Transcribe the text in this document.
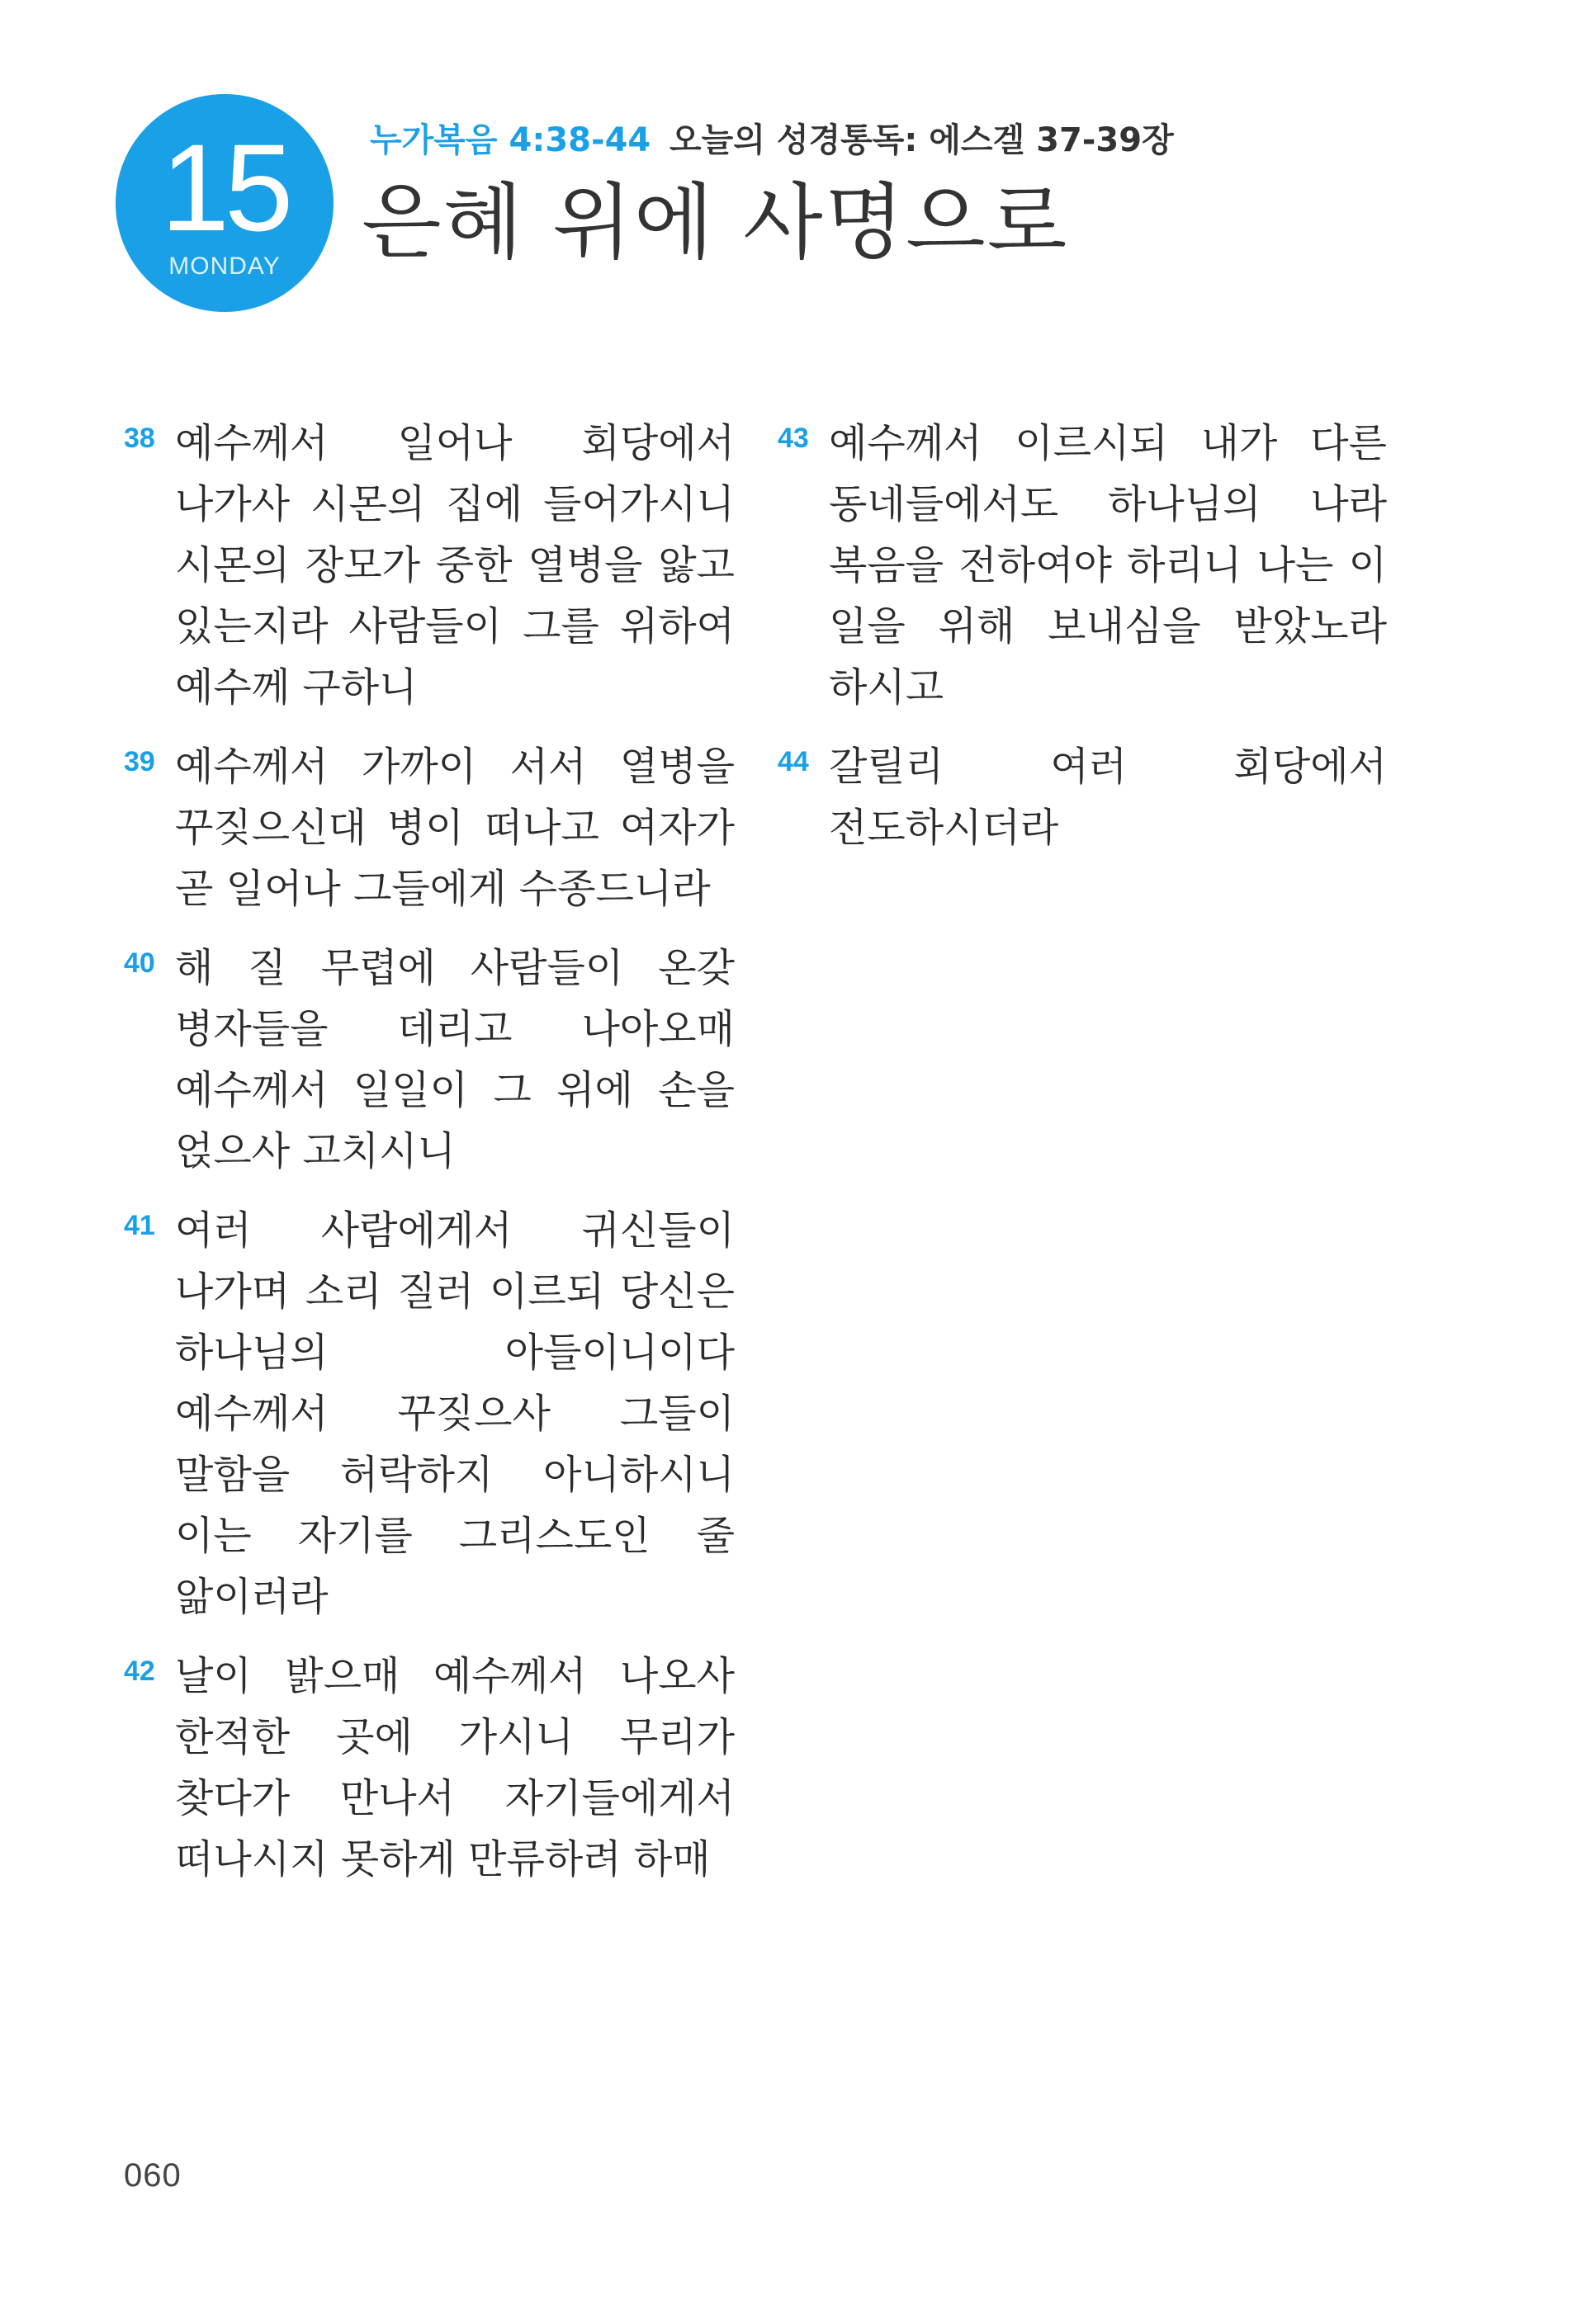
15
MONDAY
누가복음 4:38-44 오늘의 성경통독: 에스겔 37-39장
은혜 위에 사명으로
38 예수께서 일어나 회당에서 나가사 시몬의 집에 들어가시니 시몬의 장모가 중한 열병을 앓고 있는지라 사람들이 그를 위하여 예수께 구하니
39 예수께서 가까이 서서 열병을 꾸짖으신대 병이 떠나고 여자가 곧 일어나 그들에게 수종드니라
40 해 질 무렵에 사람들이 온갖 병자들을 데리고 나아오매 예수께서 일일이 그 위에 손을 얹으사 고치시니
41 여러 사람에게서 귀신들이 나가며 소리 질러 이르되 당신은 하나님의 아들이니이다 예수께서 꾸짖으사 그들이 말함을 허락하지 아니하시니 이는 자기를 그리스도인 줄 앎이러라
42 날이 밝으매 예수께서 나오사 한적한 곳에 가시니 무리가 찾다가 만나서 자기들에게서 떠나시지 못하게 만류하려 하매
43 예수께서 이르시되 내가 다른 동네들에서도 하나님의 나라 복음을 전하여야 하리니 나는 이 일을 위해 보내심을 받았노라 하시고
44 갈릴리 여러 회당에서 전도하시더라
060
